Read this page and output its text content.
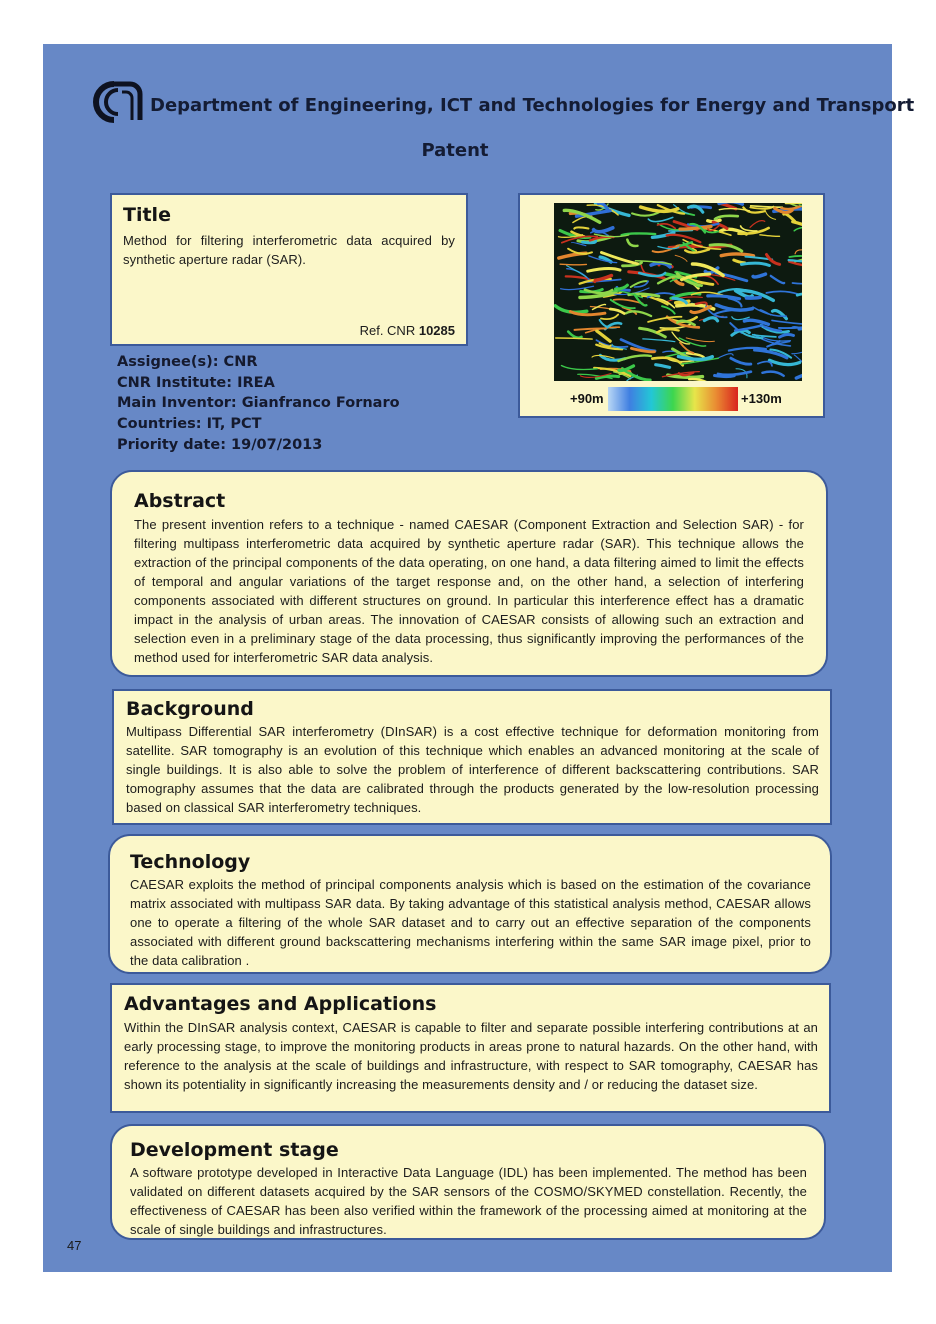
Department of Engineering, ICT and Technologies for Energy and Transport
Patent
Title

Method for filtering interferometric data acquired by synthetic aperture radar (SAR).

Ref. CNR 10285
Assignee(s): CNR
CNR Institute: IREA
Main Inventor: Gianfranco Fornaro
Countries: IT, PCT
Priority date: 19/07/2013
+90m	+130m
Abstract

The present invention refers to a technique - named CAESAR (Component Extraction and Selection SAR) - for filtering multipass interferometric data acquired by synthetic aperture radar (SAR). This technique allows the extraction of the principal components of the data operating, on one hand, a data filtering aimed to limit the effects of temporal and angular variations of the target response and, on the other hand, a selection of interfering components associated with different structures on ground. In particular this interference effect has a dramatic impact in the analysis of urban areas. The innovation of CAESAR consists of allowing such an extraction and selection even in a preliminary stage of the data processing, thus significantly improving the performances of the method used for interferometric SAR data analysis.

Background

Multipass Differential SAR interferometry (DInSAR) is a cost effective technique for deformation monitoring from satellite. SAR tomography is an evolution of this technique which enables an advanced monitoring at the scale of single buildings. It is also able to solve the problem of interference of different backscattering contributions. SAR tomography assumes that the data are calibrated through the products generated by the low-resolution processing based on classical SAR interferometry techniques.

Technology

CAESAR exploits the method of principal components analysis which is based on the estimation of the covariance matrix associated with multipass SAR data. By taking advantage of this statistical analysis method, CAESAR allows one to operate a filtering of the whole SAR dataset and to carry out an effective separation of the components associated with different ground backscattering mechanisms interfering within the same SAR image pixel, prior to the data calibration .

Advantages and Applications

Within the DInSAR analysis context, CAESAR is capable to filter and separate possible interfering contributions at an early processing stage, to improve the monitoring products in areas prone to natural hazards. On the other hand, with reference to the analysis at the scale of buildings and infrastructure, with respect to SAR tomography, CAESAR has shown its potentiality in significantly increasing the measurements density and / or reducing the dataset size.

Development stage

A software prototype developed in Interactive Data Language (IDL) has been implemented. The method has been validated on different datasets acquired by the SAR sensors of the COSMO/SKYMED constellation. Recently, the effectiveness of CAESAR has been also verified within the framework of the processing aimed at monitoring at the scale of single buildings and infrastructures.

47
